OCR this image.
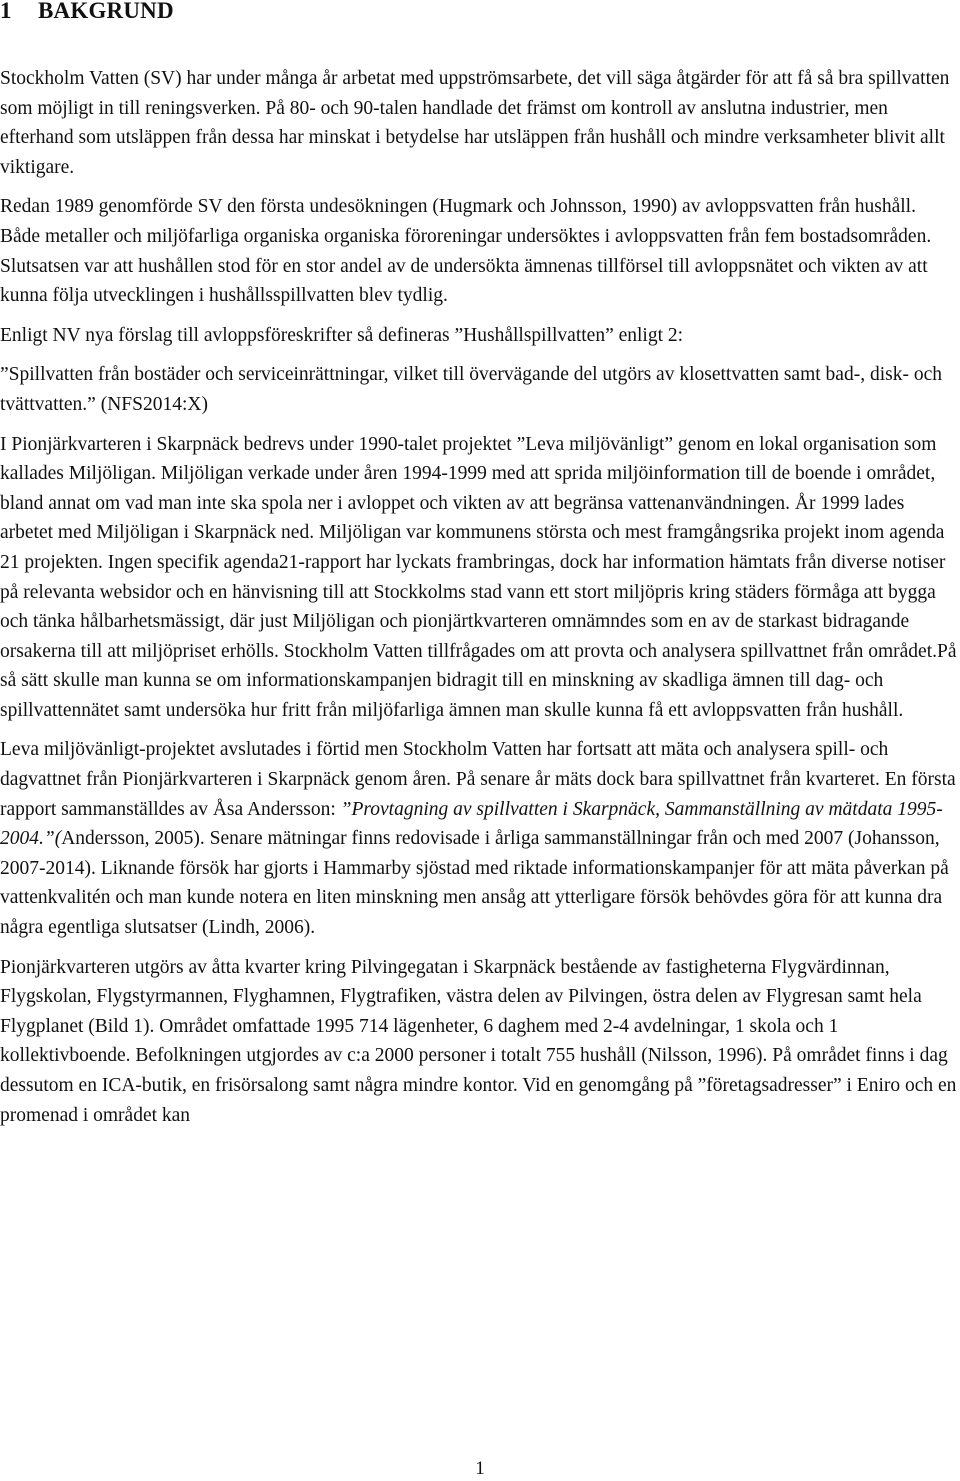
1 BAKGRUND

Stockholm Vatten (SV) har under många år arbetat med uppströmsarbete, det vill säga åtgärder för att få så bra spillvatten som möjligt in till reningsverken. På 80- och 90-talen handlade det främst om kontroll av anslutna industrier, men efterhand som utsläppen från dessa har minskat i betydelse har utsläppen från hushåll och mindre verksamheter blivit allt viktigare.

Redan 1989 genomförde SV den första undesökningen (Hugmark och Johnsson, 1990) av avloppsvatten från hushåll. Både metaller och miljöfarliga organiska organiska föroreningar undersöktes i avloppsvatten från fem bostadsområden. Slutsatsen var att hushållen stod för en stor andel av de undersökta ämnenas tillförsel till avloppsnätet och vikten av att kunna följa utvecklingen i hushållsspillvatten blev tydlig.

Enligt NV nya förslag till avloppsföreskrifter så defineras ”Hushållspillvatten” enligt 2:

”Spillvatten från bostäder och serviceinrättningar, vilket till övervägande del utgörs av klosettvatten samt bad-, disk- och tvättvatten.” (NFS2014:X)

I Pionjärkvarteren i Skarpnäck bedrevs under 1990-talet projektet ”Leva miljövänligt” genom en lokal organisation som kallades Miljöligan. Miljöligan verkade under åren 1994-1999 med att sprida miljöinformation till de boende i området, bland annat om vad man inte ska spola ner i avloppet och vikten av att begränsa vattenanvändningen. År 1999 lades arbetet med Miljöligan i Skarpnäck ned. Miljöligan var kommunens största och mest framgångsrika projekt inom agenda 21 projekten. Ingen specifik agenda21-rapport har lyckats frambringas, dock har information hämtats från diverse notiser på relevanta websidor och en hänvisning till att Stockkolms stad vann ett stort miljöpris kring städers förmåga att bygga och tänka hålbarhetsmässigt, där just Miljöligan och pionjärtkvarteren omnämndes som en av de starkast bidragande orsakerna till att miljöpriset erhölls. Stockholm Vatten tillfrågades om att provta och analysera spillvattnet från området.På så sätt skulle man kunna se om informationskampanjen bidragit till en minskning av skadliga ämnen till dag- och spillvattennätet samt undersöka hur fritt från miljöfarliga ämnen man skulle kunna få ett avloppsvatten från hushåll.

Leva miljövänligt-projektet avslutades i förtid men Stockholm Vatten har fortsatt att mäta och analysera spill- och dagvattnet från Pionjärkvarteren i Skarpnäck genom åren. På senare år mäts dock bara spillvattnet från kvarteret. En första rapport sammanställdes av Åsa Andersson: ”Provtagning av spillvatten i Skarpnäck, Sammanställning av mätdata 1995-2004.”(Andersson, 2005). Senare mätningar finns redovisade i årliga sammanställningar från och med 2007 (Johansson, 2007-2014). Liknande försök har gjorts i Hammarby sjöstad med riktade informationskampanjer för att mäta påverkan på vattenkvalitén och man kunde notera en liten minskning men ansåg att ytterligare försök behövdes göra för att kunna dra några egentliga slutsatser (Lindh, 2006).

Pionjärkvarteren utgörs av åtta kvarter kring Pilvingegatan i Skarpnäck bestående av fastigheterna Flygvärdinnan, Flygskolan, Flygstyrmannen, Flyghamnen, Flygtrafiken, västra delen av Pilvingen, östra delen av Flygresan samt hela Flygplanet (Bild 1). Området omfattade 1995 714 lägenheter, 6 daghem med 2-4 avdelningar, 1 skola och 1 kollektivboende. Befolkningen utgjordes av c:a 2000 personer i totalt 755 hushåll (Nilsson, 1996). På området finns i dag dessutom en ICA-butik, en frisörsalong samt några mindre kontor. Vid en genomgång på ”företagsadresser” i Eniro och en promenad i området kan

1
